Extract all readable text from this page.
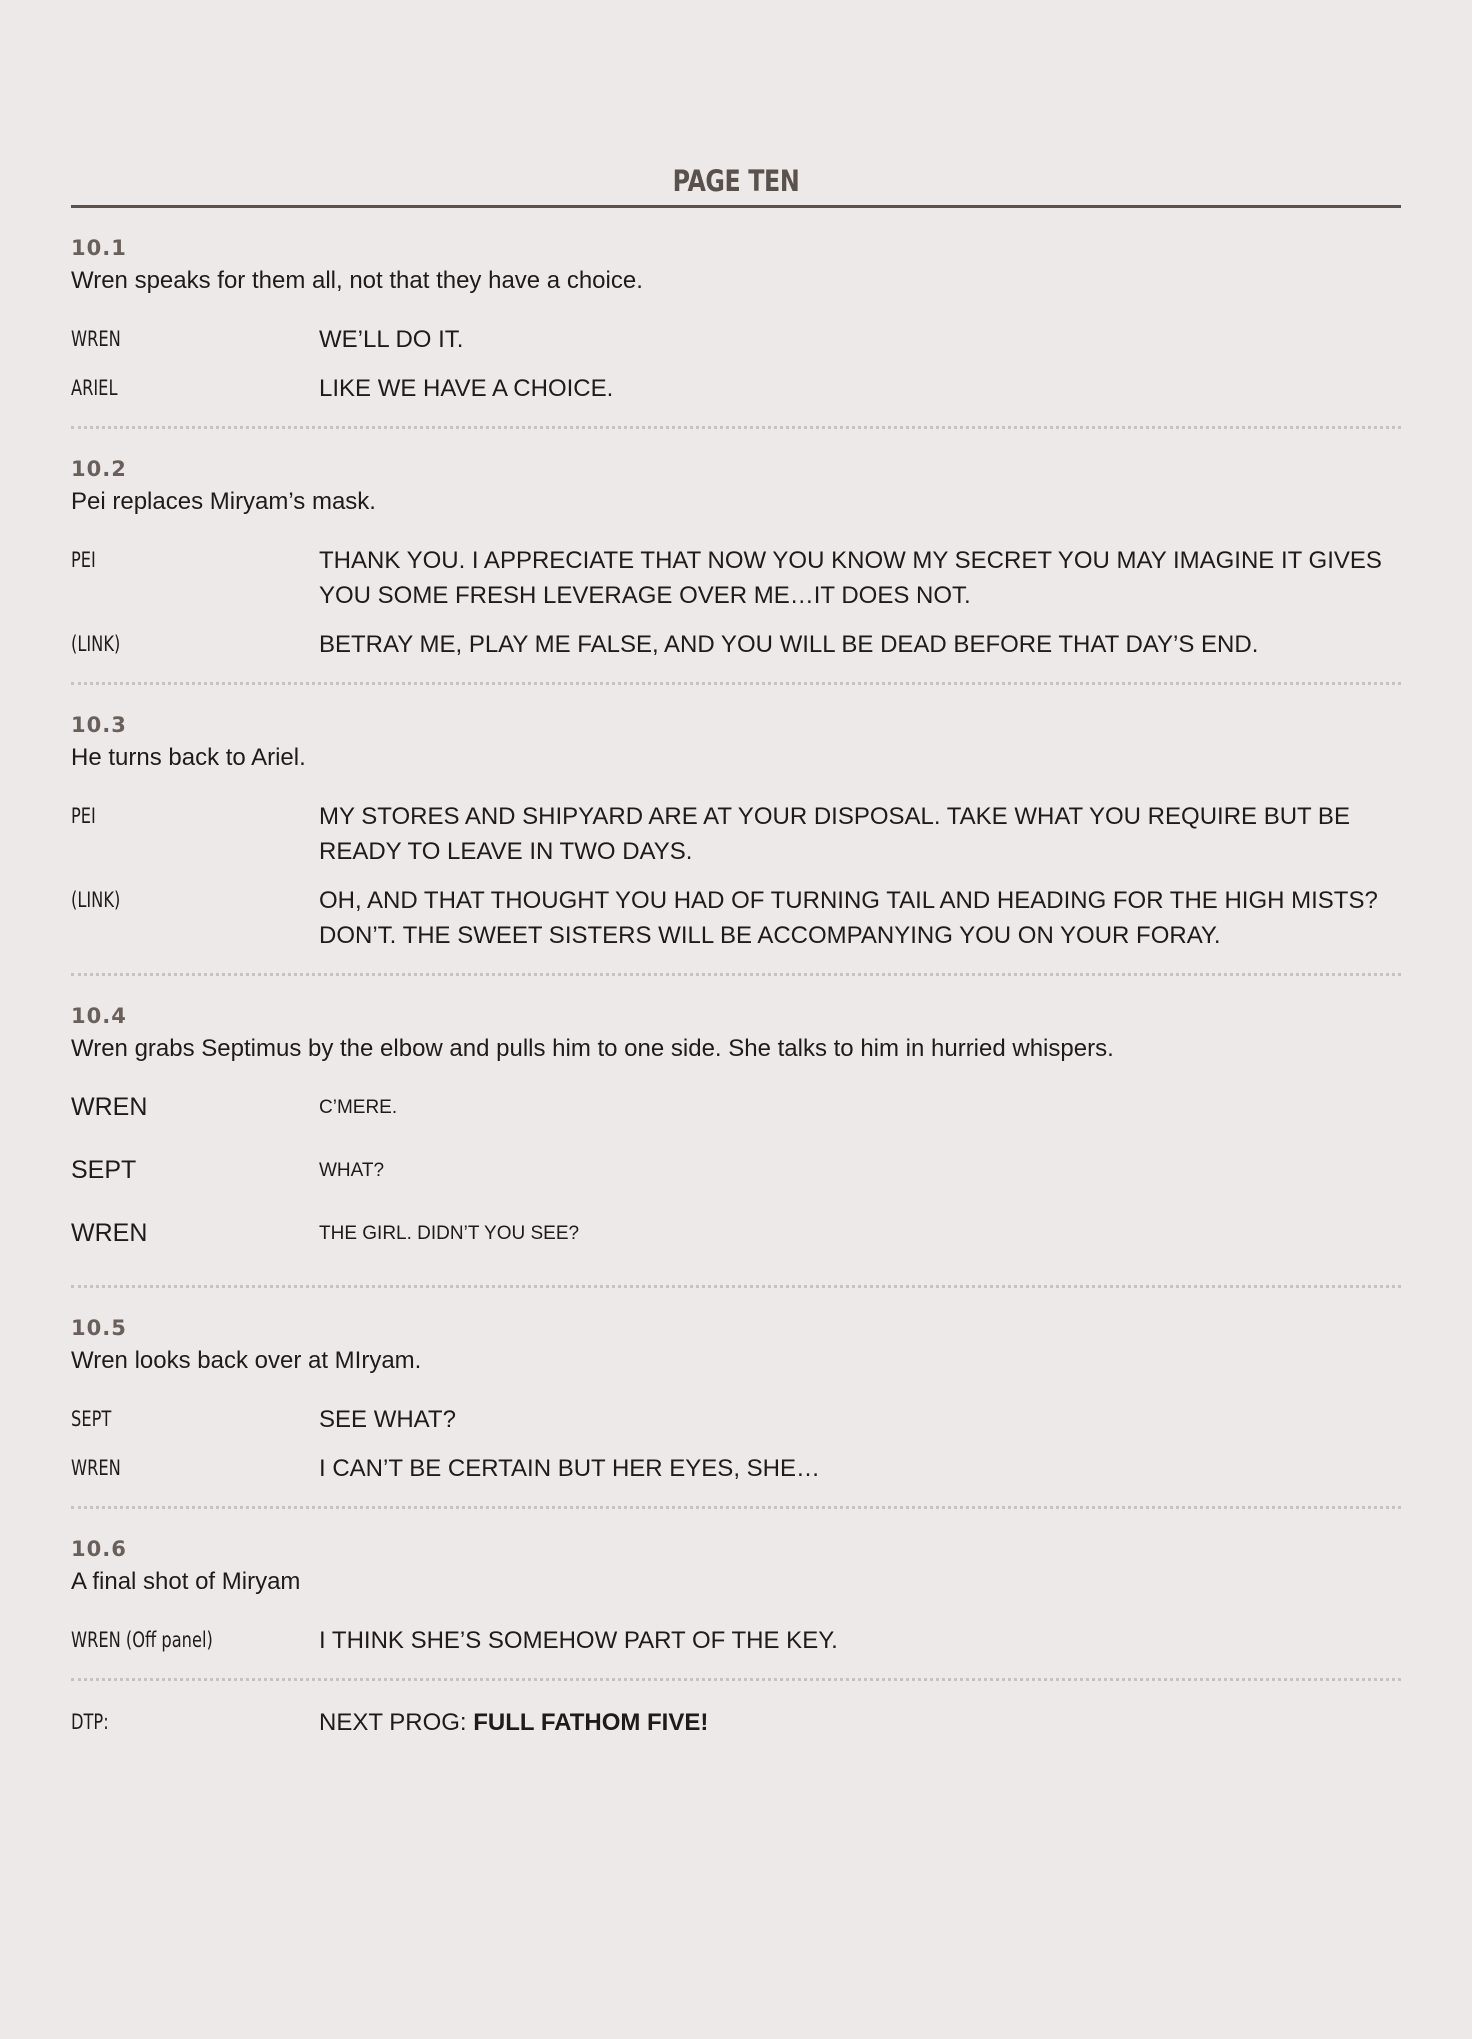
PAGE TEN
10.1
Wren speaks for them all, not that they have a choice.
WREN	WE’LL DO IT.
ARIEL	LIKE WE HAVE A CHOICE.
10.2
Pei replaces Miryam’s mask.
PEI	THANK YOU. I APPRECIATE THAT NOW YOU KNOW MY SECRET YOU MAY IMAGINE IT GIVES YOU SOME FRESH LEVERAGE OVER ME…IT DOES NOT.
(LINK)	BETRAY ME, PLAY ME FALSE, AND YOU WILL BE DEAD BEFORE THAT DAY’S END.
10.3
He turns back to Ariel.
PEI	MY STORES AND SHIPYARD ARE AT YOUR DISPOSAL. TAKE WHAT YOU REQUIRE BUT BE READY TO LEAVE IN TWO DAYS.
(LINK)	OH, AND THAT THOUGHT YOU HAD OF TURNING TAIL AND HEADING FOR THE HIGH MISTS? DON’T. THE SWEET SISTERS WILL BE ACCOMPANYING YOU ON YOUR FORAY.
10.4
Wren grabs Septimus by the elbow and pulls him to one side. She talks to him in hurried whispers.
WREN	C’MERE.
SEPT	WHAT?
WREN	THE GIRL. DIDN’T YOU SEE?
10.5
Wren looks back over at MIryam.
SEPT	SEE WHAT?
WREN	I CAN’T BE CERTAIN BUT HER EYES, SHE…
10.6
A final shot of Miryam
WREN (Off panel)	I THINK SHE’S SOMEHOW PART OF THE KEY.
DTP:	NEXT PROG: FULL FATHOM FIVE!
